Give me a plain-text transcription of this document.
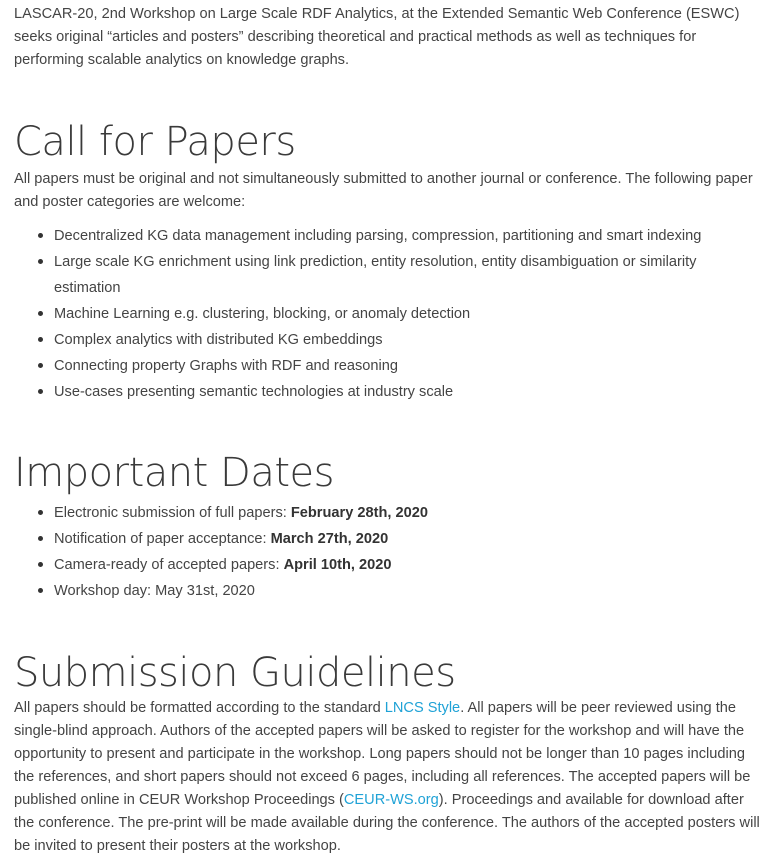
LASCAR-20, 2nd Workshop on Large Scale RDF Analytics, at the Extended Semantic Web Conference (ESWC) seeks original “articles and posters” describing theoretical and practical methods as well as techniques for performing scalable analytics on knowledge graphs.

Call for Papers

All papers must be original and not simultaneously submitted to another journal or conference. The following paper and poster categories are welcome:

Decentralized KG data management including parsing, compression, partitioning and smart indexing
Large scale KG enrichment using link prediction, entity resolution, entity disambiguation or similarity estimation
Machine Learning e.g. clustering, blocking, or anomaly detection
Complex analytics with distributed KG embeddings
Connecting property Graphs with RDF and reasoning
Use-cases presenting semantic technologies at industry scale
Important Dates
Electronic submission of full papers: February 28th, 2020
Notification of paper acceptance: March 27th, 2020
Camera-ready of accepted papers: April 10th, 2020
Workshop day: May 31st, 2020
Submission Guidelines

All papers should be formatted according to the standard LNCS Style. All papers will be peer reviewed using the single-blind approach. Authors of the accepted papers will be asked to register for the workshop and will have the opportunity to present and participate in the workshop. Long papers should not be longer than 10 pages including the references, and short papers should not exceed 6 pages, including all references. The accepted papers will be published online in CEUR Workshop Proceedings (CEUR-WS.org). Proceedings and available for download after the conference. The pre-print will be made available during the conference. The authors of the accepted posters will be invited to present their posters at the workshop.
